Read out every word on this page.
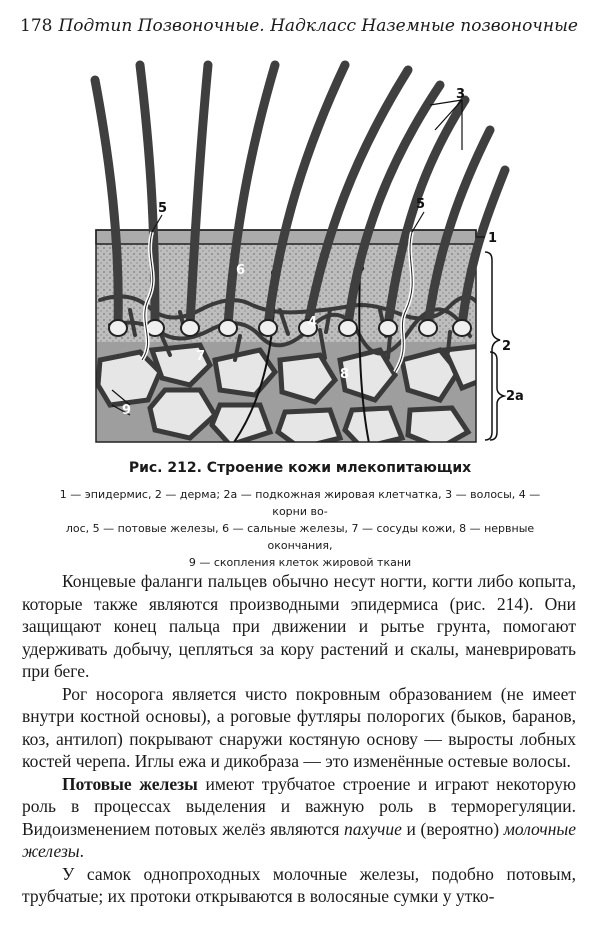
178 Подтип Позвоночные. Надкласс Наземные позвоночные
3
1
2
2а
5	5
6
4
7
8
9
Рис. 212. Строение кожи млекопитающих

1 — эпидермис, 2 — дерма; 2а — подкожная жировая клетчатка, 3 — волосы, 4 — корни во-

лос, 5 — потовые железы, 6 — сальные железы, 7 — сосуды кожи, 8 — нервные окончания,

9 — скопления клеток жировой ткани

Концевые фаланги пальцев обычно несут ногти, когти либо копыта, которые также являются производными эпидермиса (рис. 214). Они защищают конец пальца при движении и рытье грунта, помогают удерживать добычу, цепляться за кору растений и скалы, маневрировать при беге.

Рог носорога является чисто покровным образованием (не имеет внутри костной основы), а роговые футляры полорогих (быков, баранов, коз, антилоп) покрывают снаружи костяную основу — выросты лобных костей черепа. Иглы ежа и дикобраза — это изменённые остевые волосы.

Потовые железы имеют трубчатое строение и играют некоторую роль в процессах выделения и важную роль в терморегуляции. Видоизменением потовых желёз являются пахучие и (вероятно) молочные железы.

У самок однопроходных молочные железы, подобно потовым, трубчатые; их протоки открываются в волосяные сумки у утко-
